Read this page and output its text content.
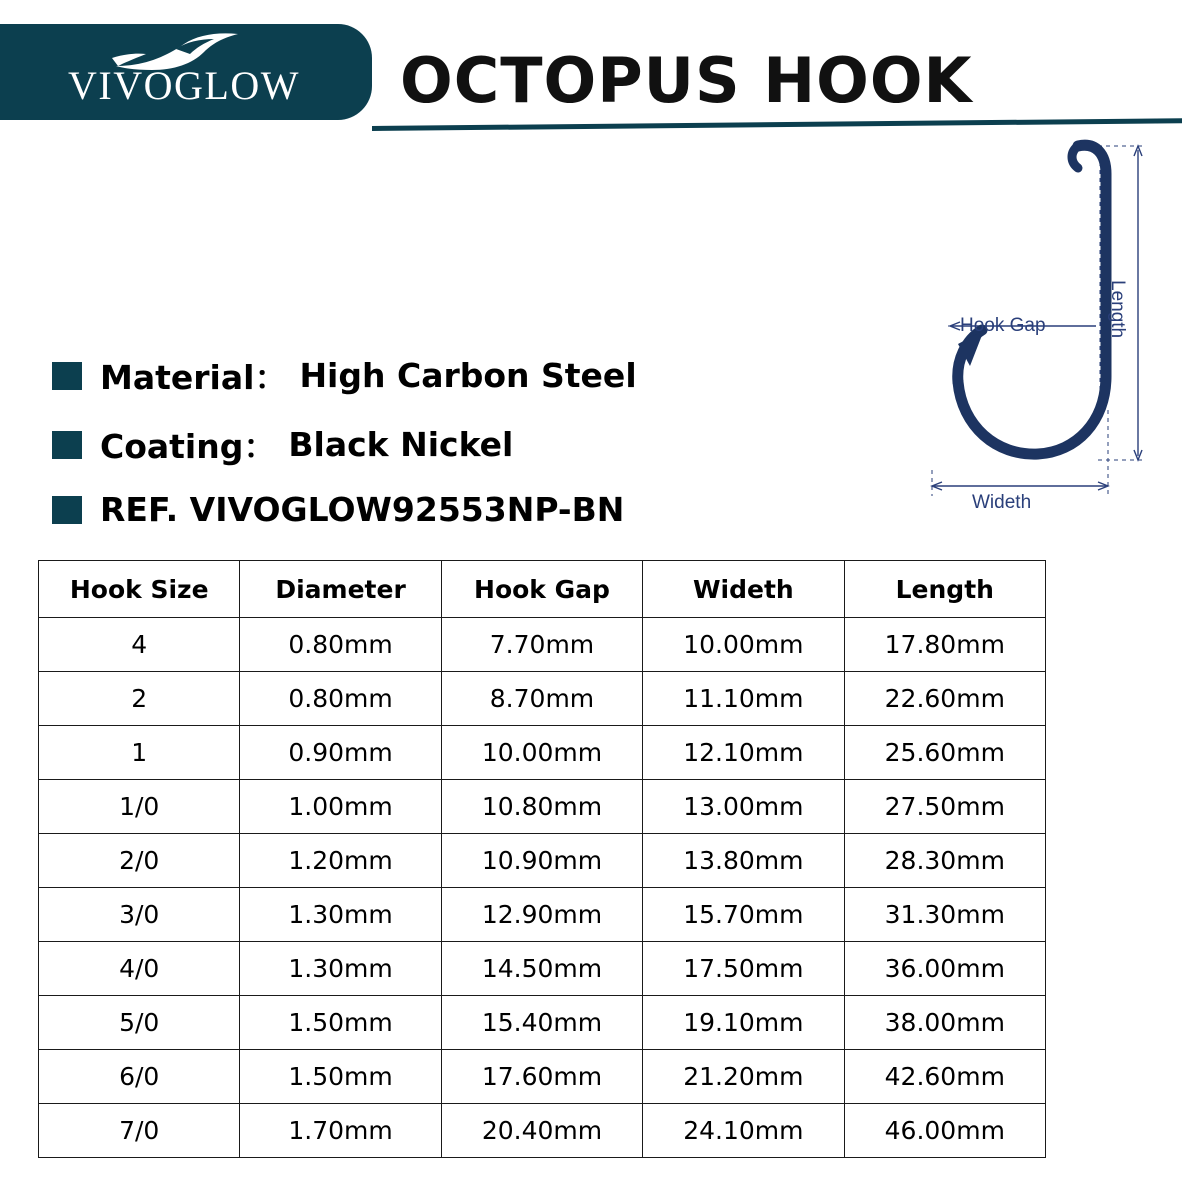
VIVOGLOW	OCTOPUS HOOK
Material： High Carbon Steel
Coating： Black Nickel
REF. VIVOGLOW92553NP-BN
Length
Hook Gap
Wideth
Hook Size	Diameter	Hook Gap	Wideth	Length
4	0.80mm	7.70mm	10.00mm	17.80mm
2	0.80mm	8.70mm	11.10mm	22.60mm
1	0.90mm	10.00mm	12.10mm	25.60mm
1/0	1.00mm	10.80mm	13.00mm	27.50mm
2/0	1.20mm	10.90mm	13.80mm	28.30mm
3/0	1.30mm	12.90mm	15.70mm	31.30mm
4/0	1.30mm	14.50mm	17.50mm	36.00mm
5/0	1.50mm	15.40mm	19.10mm	38.00mm
6/0	1.50mm	17.60mm	21.20mm	42.60mm
7/0	1.70mm	20.40mm	24.10mm	46.00mm
